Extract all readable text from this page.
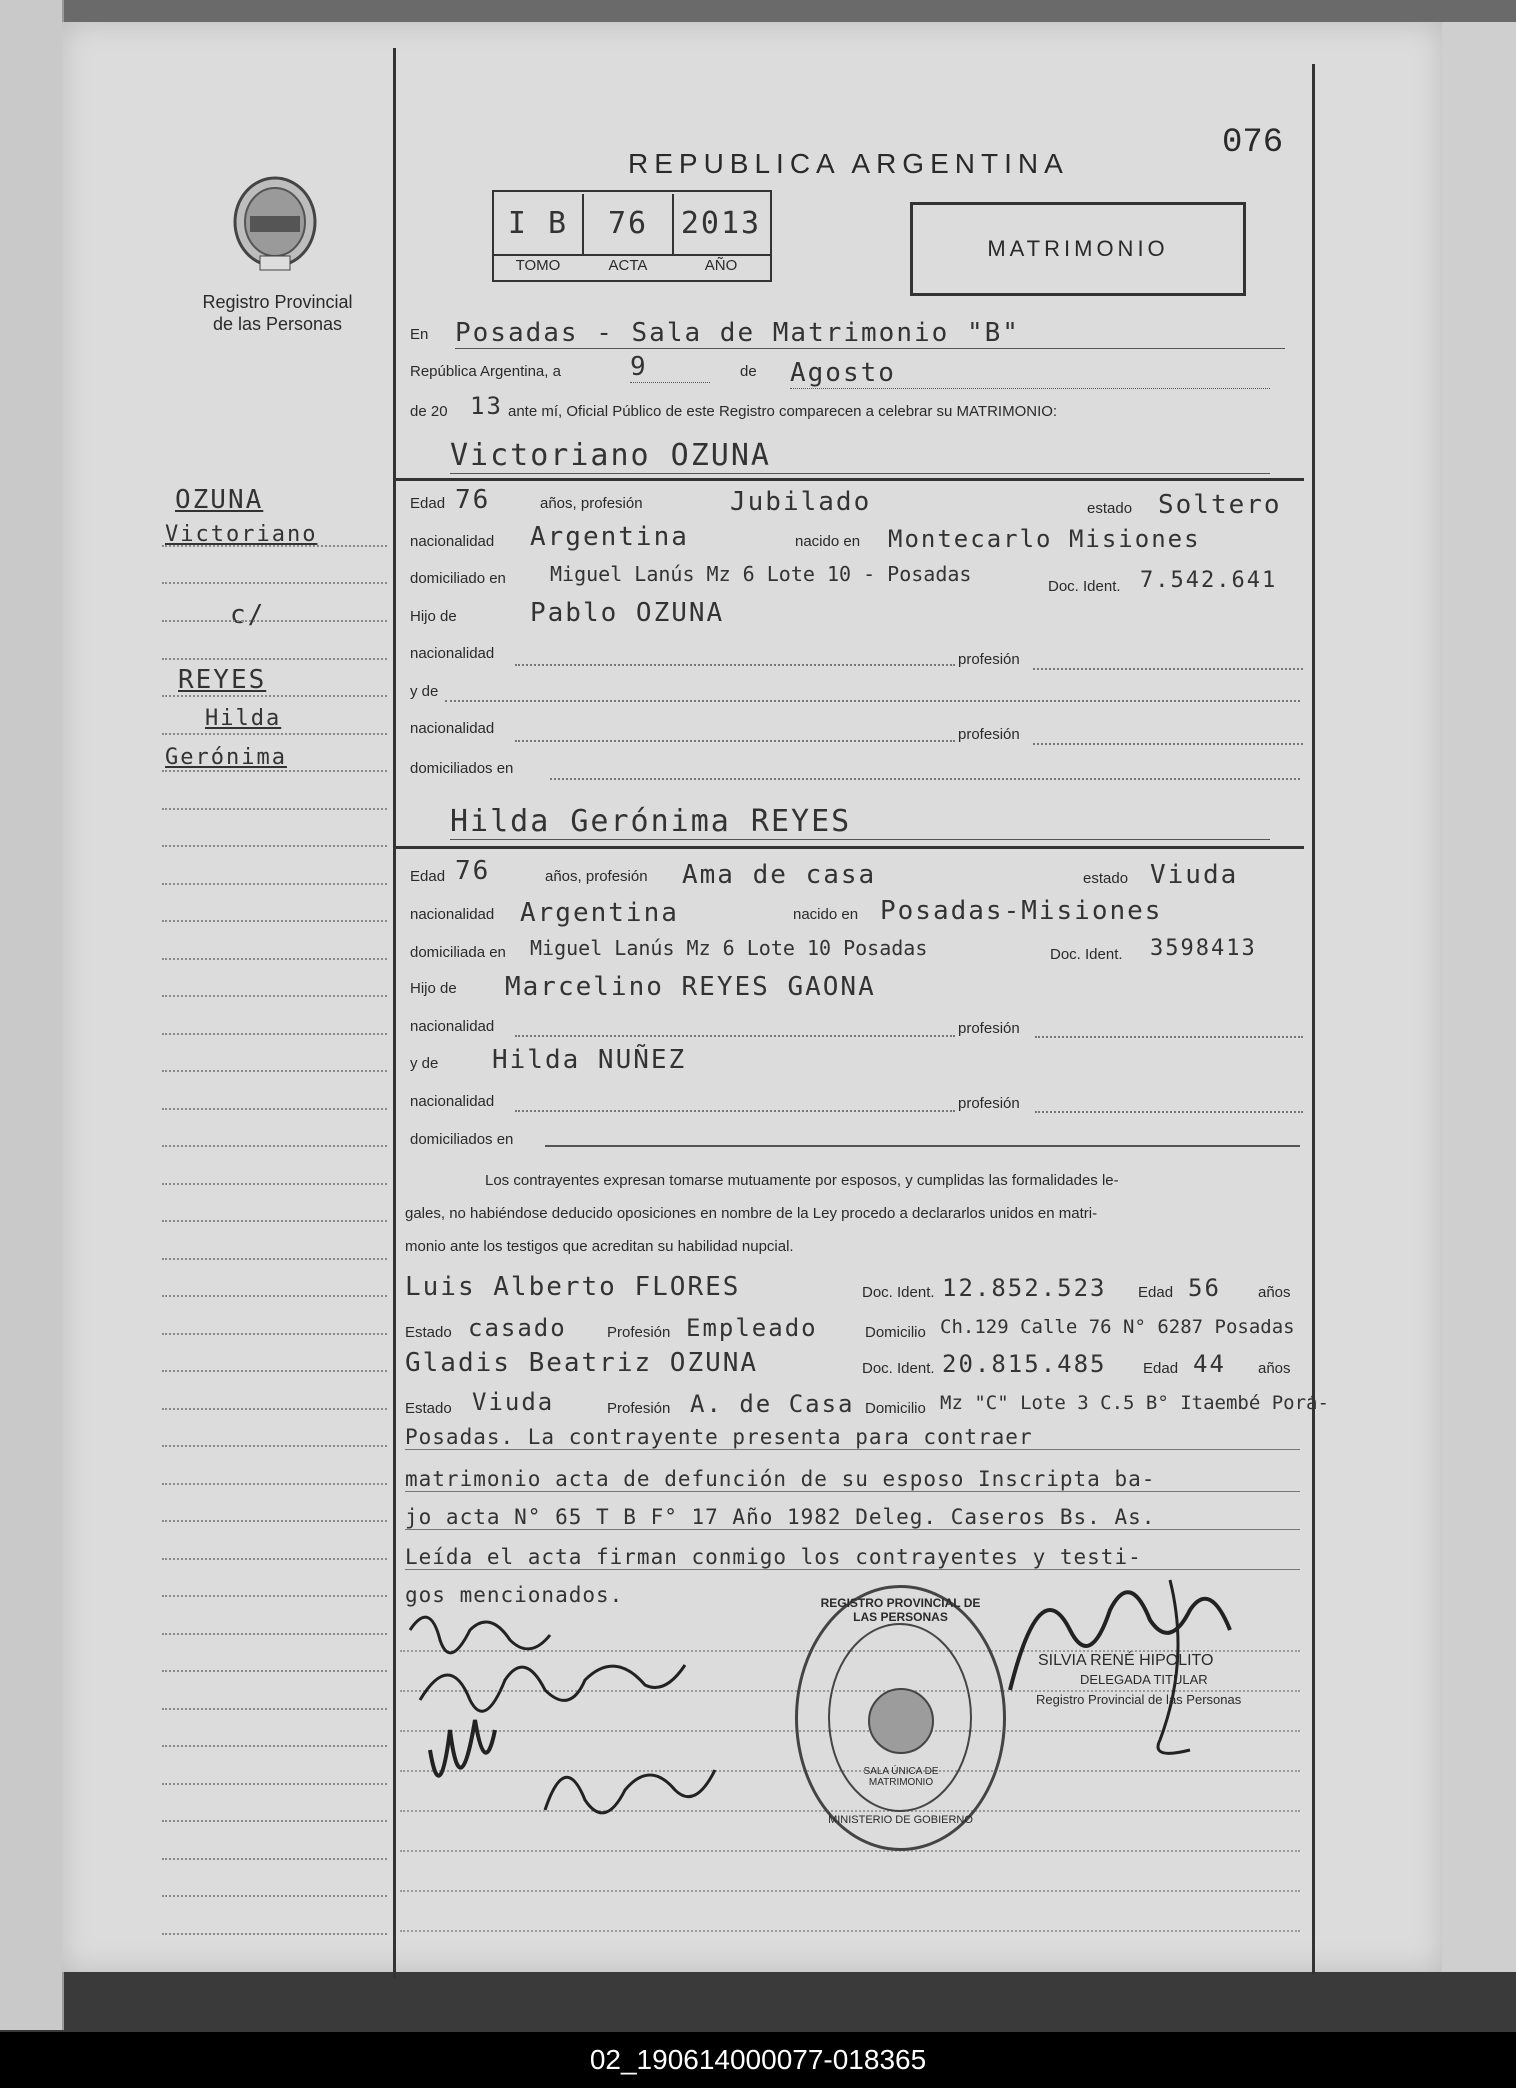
Registro Provincial
de las Personas
OZUNA
Victoriano
c/
REYES
Hilda
Gerónima
REPUBLICA ARGENTINA
076
I B	76	2013
TOMO	ACTA	AÑO
MATRIMONIO
En Posadas - Sala de Matrimonio "B"
República Argentina, a	9	de Agosto
de 20 13 ante mí, Oficial Público de este Registro comparecen a celebrar su MATRIMONIO:
Victoriano OZUNA
Edad 76	años, profesión	Jubilado	estado Soltero
nacionalidad Argentina	nacido en Montecarlo Misiones
domiciliado en Miguel Lanús Mz 6 Lote 10 - Posadas
Doc. Ident. 7.542.641
Hijo de	Pablo OZUNA
nacionalidad	profesión
y de
nacionalidad	profesión
domiciliados en
Hilda Gerónima REYES
Edad 76	años, profesión Ama de casa	estado Viuda
nacionalidad Argentina	nacido en Posadas-Misiones
domiciliada en Miguel Lanús Mz 6 Lote 10 Posadas	Doc. Ident. 3598413
Hijo de Marcelino REYES GAONA
nacionalidad	profesión
y de Hilda NUÑEZ
nacionalidad	profesión
domiciliados en
Los contrayentes expresan tomarse mutuamente por esposos, y cumplidas las formalidades le-
gales, no habiéndose deducido oposiciones en nombre de la Ley procedo a declararlos unidos en matri-
monio ante los testigos que acreditan su habilidad nupcial.
Luis Alberto FLORES	Doc. Ident. 12.852.523 Edad 56 años
Estado casado	Profesión Empleado	Domicilio Ch.129 Calle 76 N° 6287 Posadas
Gladis Beatriz OZUNA	Doc. Ident. 20.815.485 Edad 44 años
Estado Viuda	Profesión A. de Casa Domicilio Mz "C" Lote 3 C.5 B° Itaembé Porá-
Posadas. La contrayente presenta para contraer
matrimonio acta de defunción de su esposo Inscripta ba-
jo acta N° 65 T B F° 17 Año 1982 Deleg. Caseros Bs. As.
Leída el acta firman conmigo los contrayentes y testi-
gos mencionados.	REGISTRO PROVINCIAL DE LAS PERSONAS
SALA ÚNICA DE MATRIMONIO
MINISTERIO DE GOBIERNO
SILVIA RENÉ HIPOLITO
DELEGADA TITULAR
Registro Provincial de las Personas
02_190614000077-018365
